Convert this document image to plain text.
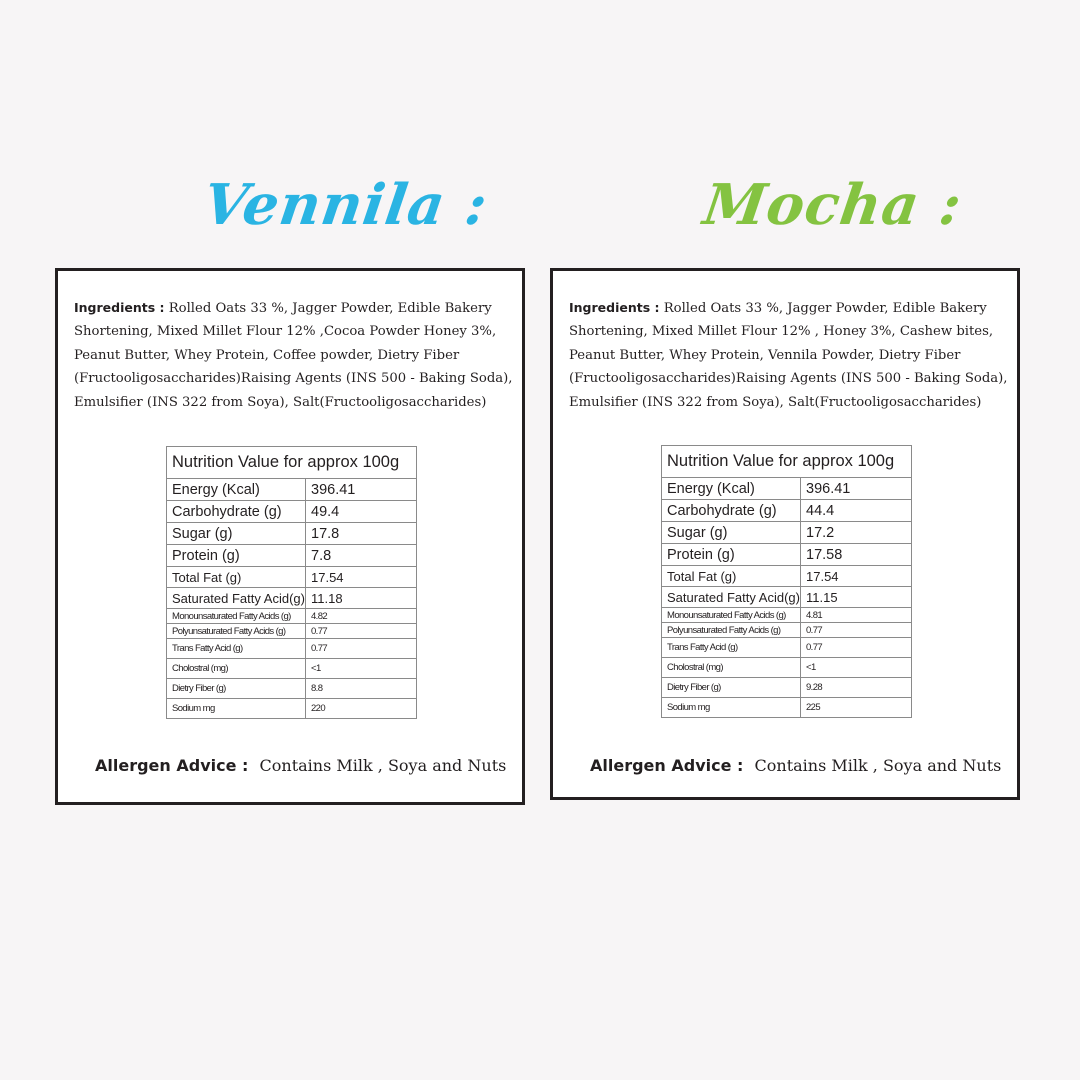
Vennila :	Mocha :

Ingredients : Rolled Oats 33 %, Jagger Powder, Edible Bakery Shortening, Mixed Millet Flour 12% ,Cocoa Powder Honey 3%, Peanut Butter, Whey Protein, Coffee powder, Dietry Fiber (Fructooligosaccharides)Raising Agents (INS 500 - Baking Soda), Emulsifier (INS 322 from Soya), Salt(Fructooligosaccharides)

Nutrition Value for approx 100g	
Energy (Kcal)	396.41
Carbohydrate (g)	49.4
Sugar (g)	17.8
Protein (g)	7.8
Total Fat (g)	17.54
Saturated Fatty Acid(g)	11.18
Monounsaturated Fatty Acids (g)	4.82
Polyunsaturated Fatty Acids (g)	0.77
Trans Fatty Acid (g)	0.77
Cholostral (mg)	<1
Dietry Fiber (g)	8.8
Sodium mg	220
Allergen Advice : Contains Milk , Soya and Nuts

Ingredients : Rolled Oats 33 %, Jagger Powder, Edible Bakery Shortening, Mixed Millet Flour 12% , Honey 3%, Cashew bites, Peanut Butter, Whey Protein, Vennila Powder, Dietry Fiber (Fructooligosaccharides)Raising Agents (INS 500 - Baking Soda), Emulsifier (INS 322 from Soya), Salt(Fructooligosaccharides)

Nutrition Value for approx 100g	
Energy (Kcal)	396.41
Carbohydrate (g)	44.4
Sugar (g)	17.2
Protein (g)	17.58
Total Fat (g)	17.54
Saturated Fatty Acid(g)	11.15
Monounsaturated Fatty Acids (g)	4.81
Polyunsaturated Fatty Acids (g)	0.77
Trans Fatty Acid (g)	0.77
Cholostral (mg)	<1
Dietry Fiber (g)	9.28
Sodium mg	225
Allergen Advice : Contains Milk , Soya and Nuts
